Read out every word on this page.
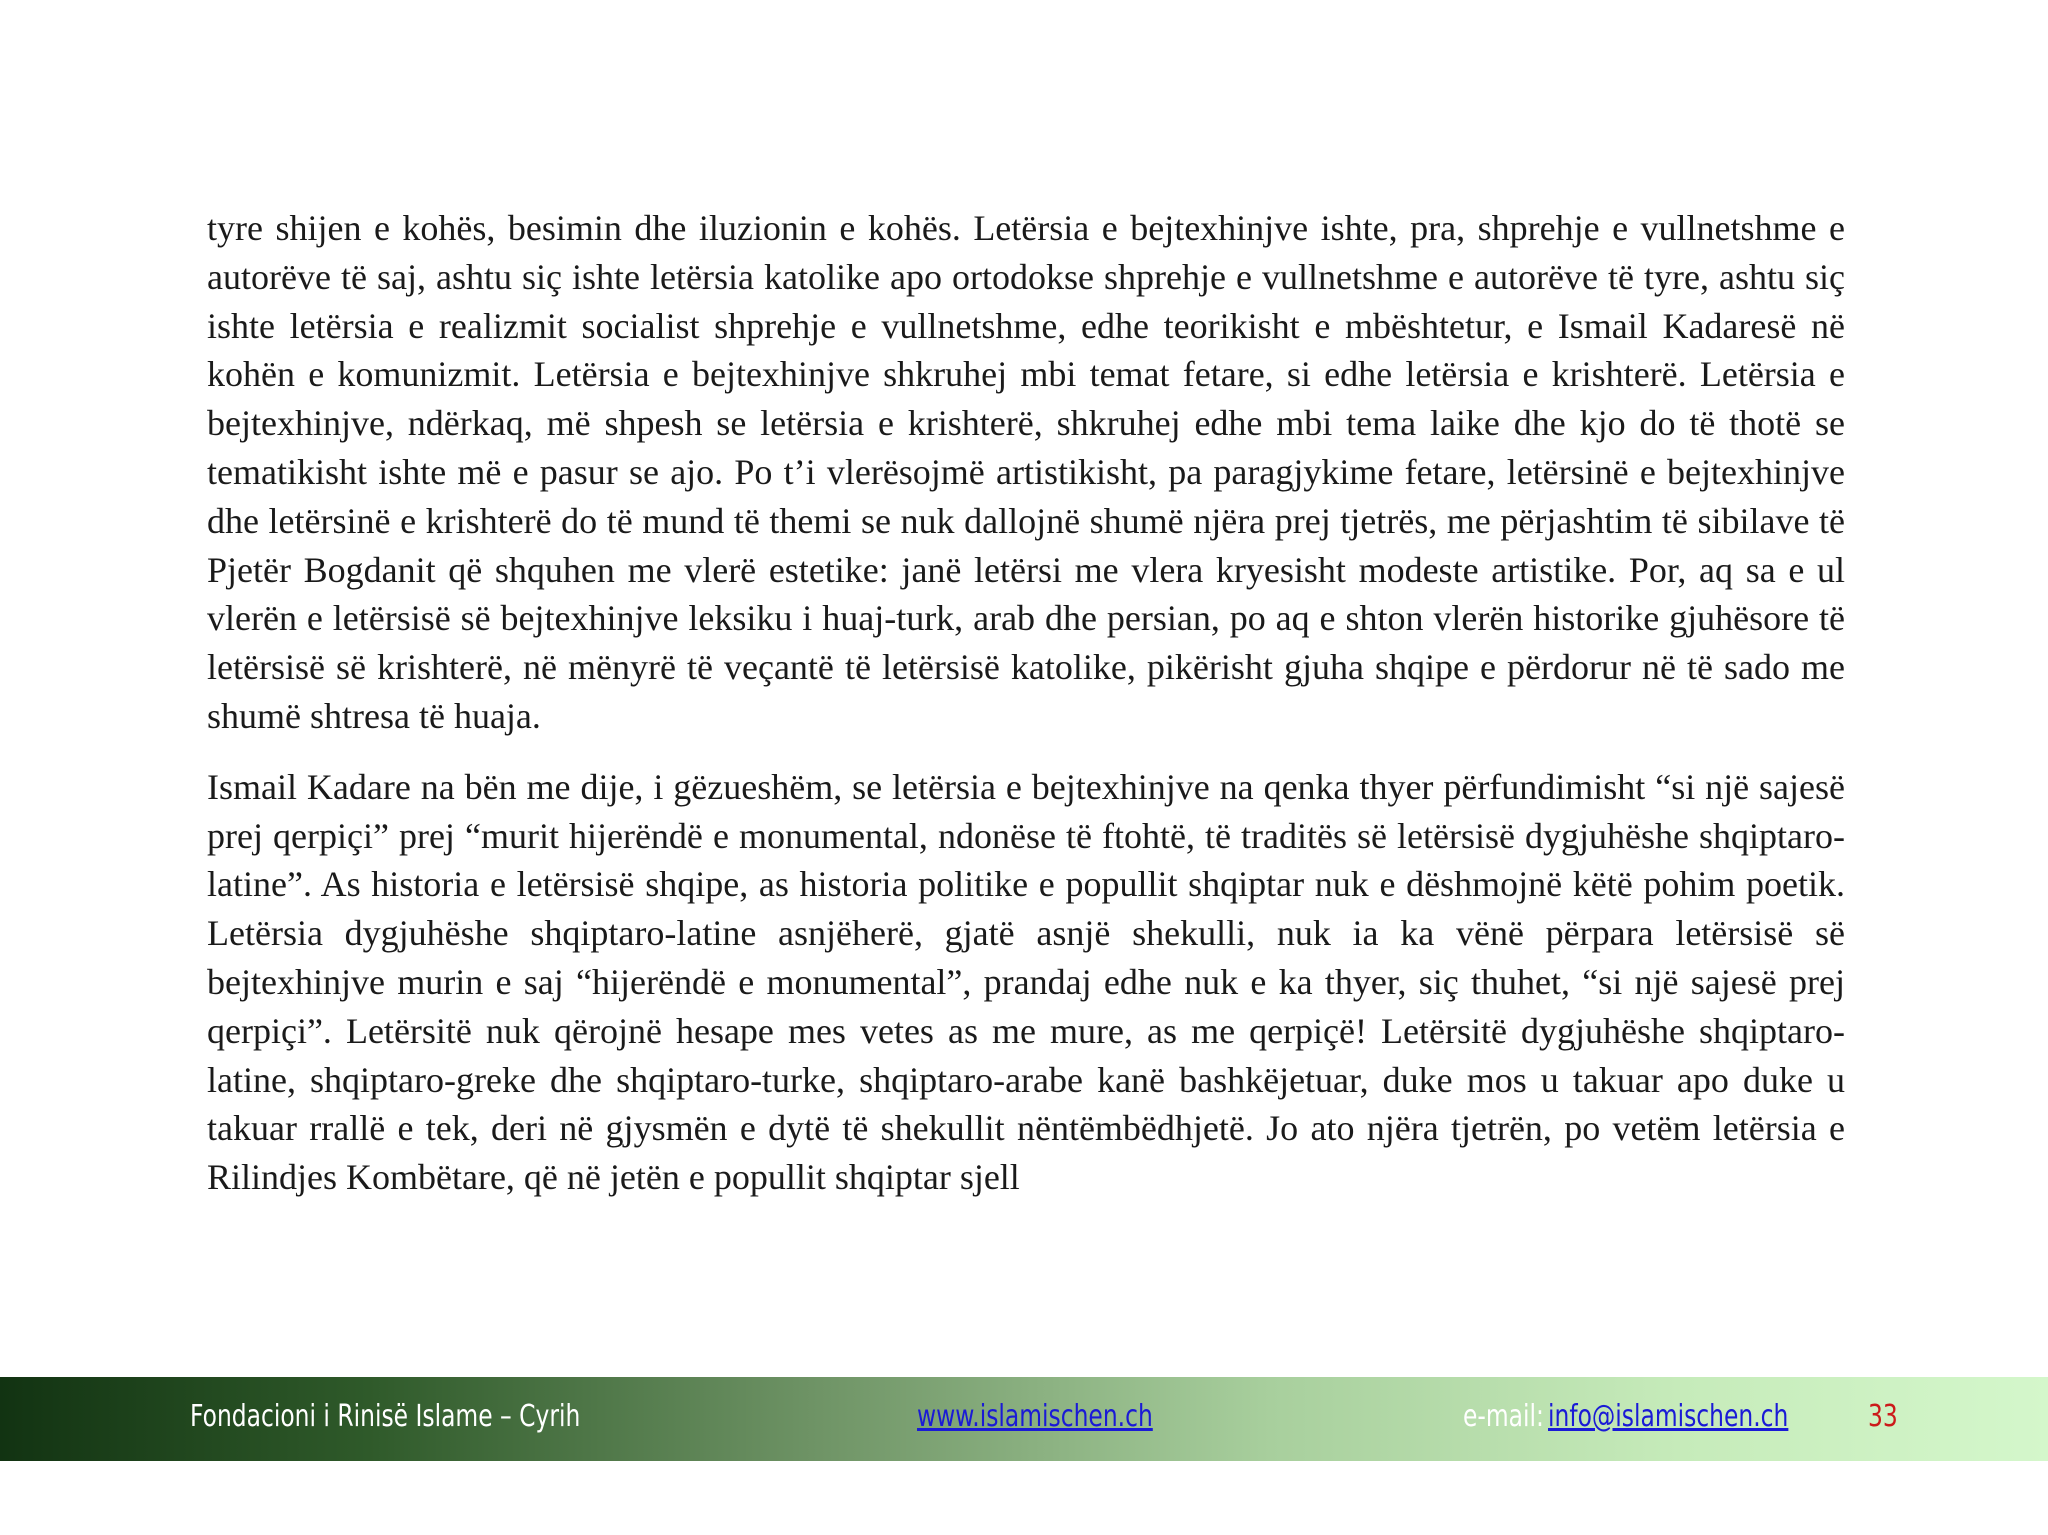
tyre shijen e kohës, besimin dhe iluzionin e kohës. Letërsia e bejtexhinjve ishte, pra, shprehje e vullnetshme e autorëve të saj, ashtu siç ishte letërsia katolike apo ortodokse shprehje e vullnetshme e autorëve të tyre, ashtu siç ishte letërsia e realizmit socialist shprehje e vullnetshme, edhe teorikisht e mbështetur, e Ismail Kadaresë në kohën e komunizmit. Letërsia e bejtexhinjve shkruhej mbi temat fetare, si edhe letërsia e krishterë. Letërsia e bejtexhinjve, ndërkaq, më shpesh se letërsia e krishterë, shkruhej edhe mbi tema laike dhe kjo do të thotë se tematikisht ishte më e pasur se ajo. Po t’i vlerësojmë artistikisht, pa paragjykime fetare, letërsinë e bejtexhinjve dhe letërsinë e krishterë do të mund të themi se nuk dallojnë shumë njëra prej tjetrës, me përjashtim të sibilave të Pjetër Bogdanit që shquhen me vlerë estetike: janë letërsi me vlera kryesisht modeste artistike. Por, aq sa e ul vlerën e letërsisë së bejtexhinjve leksiku i huaj-turk, arab dhe persian, po aq e shton vlerën historike gjuhësore të letërsisë së krishterë, në mënyrë të veçantë të letërsisë katolike, pikërisht gjuha shqipe e përdorur në të sado me shumë shtresa të huaja.

Ismail Kadare na bën me dije, i gëzueshëm, se letërsia e bejtexhinjve na qenka thyer përfundimisht “si një sajesë prej qerpiçi” prej “murit hijerëndë e monumental, ndonëse të ftohtë, të traditës së letërsisë dygjuhëshe shqiptaro-latine”. As historia e letërsisë shqipe, as historia politike e popullit shqiptar nuk e dëshmojnë këtë pohim poetik. Letërsia dygjuhëshe shqiptaro-latine asnjëherë, gjatë asnjë shekulli, nuk ia ka vënë përpara letërsisë së bejtexhinjve murin e saj “hijerëndë e monumental”, prandaj edhe nuk e ka thyer, siç thuhet, “si një sajesë prej qerpiçi”. Letërsitë nuk qërojnë hesape mes vetes as me mure, as me qerpiçë! Letërsitë dygjuhëshe shqiptaro-latine, shqiptaro-greke dhe shqiptaro-turke, shqiptaro-arabe kanë bashkëjetuar, duke mos u takuar apo duke u takuar rrallë e tek, deri në gjysmën e dytë të shekullit nëntëmbëdhjetë. Jo ato njëra tjetrën, po vetëm letërsia e Rilindjes Kombëtare, që në jetën e popullit shqiptar sjell

Fondacioni i Rinisë Islame – Cyrih	www.islamischen.ch	e-mail: info@islamischen.ch	33
